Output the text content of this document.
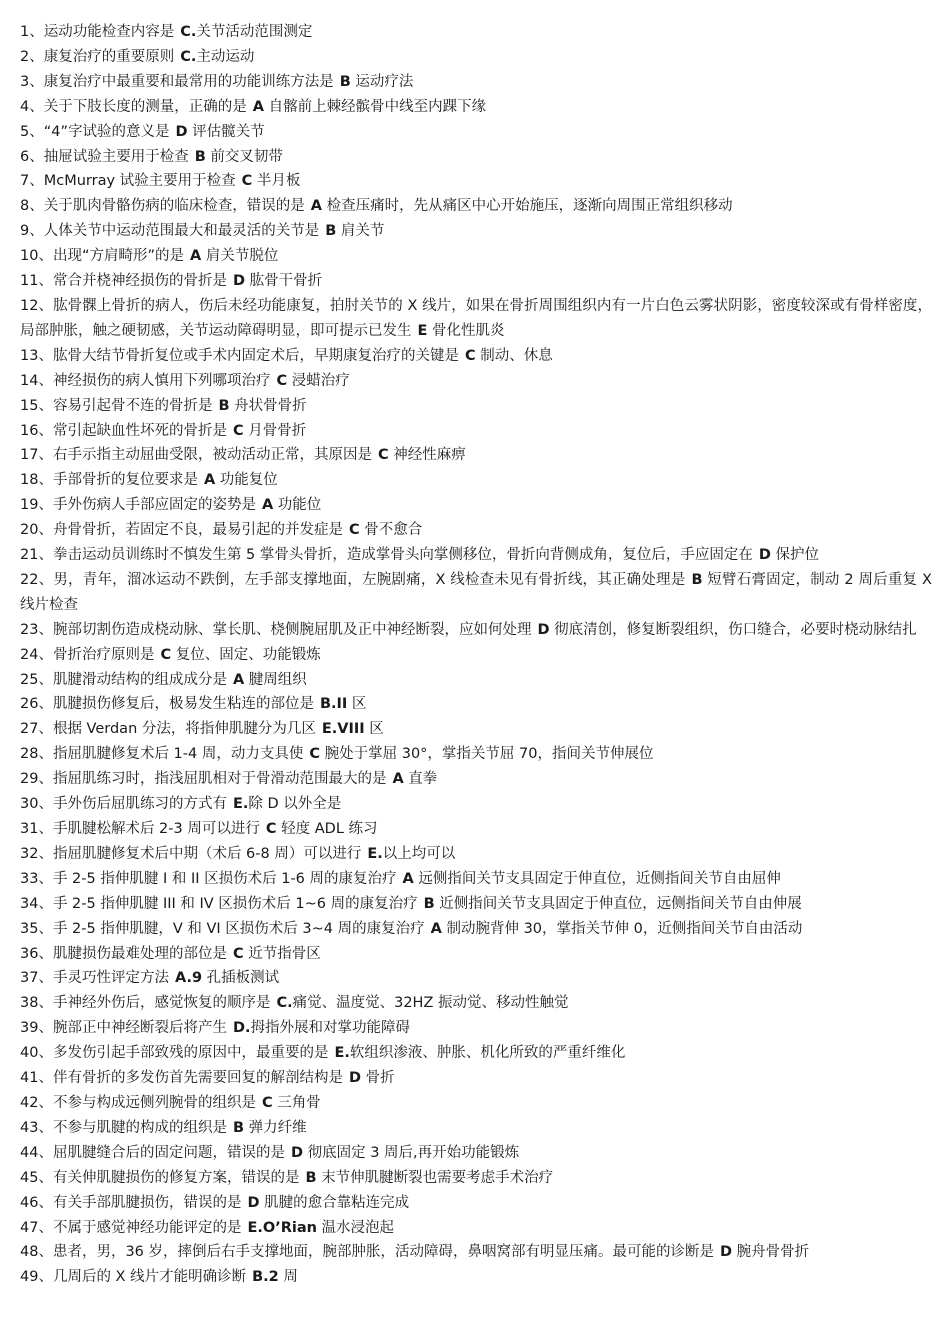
1、运动功能检查内容是 C.关节活动范围测定
2、康复治疗的重要原则 C.主动运动
3、康复治疗中最重要和最常用的功能训练方法是 B 运动疗法
4、关于下肢长度的测量，正确的是 A 自髂前上棘经髌骨中线至内踝下缘
5、“4”字试验的意义是 D 评估髋关节
6、抽屉试验主要用于检查 B 前交叉韧带
7、McMurray 试验主要用于检查 C 半月板
8、关于肌肉骨骼伤病的临床检查，错误的是 A 检查压痛时，先从痛区中心开始施压，逐渐向周围正常组织移动
9、人体关节中运动范围最大和最灵活的关节是 B 肩关节
10、出现“方肩畸形”的是 A 肩关节脱位
11、常合并桡神经损伤的骨折是 D 肱骨干骨折
12、肱骨髁上骨折的病人，伤后未经功能康复，拍肘关节的 X 线片，如果在骨折周围组织内有一片白色云雾状阴影，密度较深或有骨样密度，局部肿胀，触之硬韧感，关节运动障碍明显，即可提示已发生 E 骨化性肌炎
13、肱骨大结节骨折复位或手术内固定术后，早期康复治疗的关键是 C 制动、休息
14、神经损伤的病人慎用下列哪项治疗 C 浸蜡治疗
15、容易引起骨不连的骨折是 B 舟状骨骨折
16、常引起缺血性坏死的骨折是 C 月骨骨折
17、右手示指主动屈曲受限，被动活动正常，其原因是 C 神经性麻痹
18、手部骨折的复位要求是 A 功能复位
19、手外伤病人手部应固定的姿势是 A 功能位
20、舟骨骨折，若固定不良，最易引起的并发症是 C 骨不愈合
21、拳击运动员训练时不慎发生第 5 掌骨头骨折，造成掌骨头向掌侧移位，骨折向背侧成角，复位后，手应固定在 D 保护位
22、男，青年，溜冰运动不跌倒，左手部支撑地面，左腕剧痛，X 线检查未见有骨折线，其正确处理是 B 短臂石膏固定，制动 2 周后重复 X 线片检查
23、腕部切割伤造成桡动脉、掌长肌、桡侧腕屈肌及正中神经断裂，应如何处理 D 彻底清创，修复断裂组织，伤口缝合，必要时桡动脉结扎
24、骨折治疗原则是 C 复位、固定、功能锻炼
25、肌腱滑动结构的组成成分是 A 腱周组织
26、肌腱损伤修复后，极易发生粘连的部位是 B.II 区
27、根据 Verdan 分法，将指伸肌腱分为几区 E.VIII 区
28、指屈肌腱修复术后 1-4 周，动力支具使 C 腕处于掌屈 30°，掌指关节屈 70，指间关节伸展位
29、指屈肌练习时，指浅屈肌相对于骨滑动范围最大的是 A 直拳
30、手外伤后屈肌练习的方式有 E.除 D 以外全是
31、手肌腱松解术后 2-3 周可以进行 C 轻度 ADL 练习
32、指屈肌腱修复术后中期（术后 6-8 周）可以进行 E.以上均可以
33、手 2-5 指伸肌腱 I 和 II 区损伤术后 1-6 周的康复治疗 A 远侧指间关节支具固定于伸直位，近侧指间关节自由屈伸
34、手 2-5 指伸肌腱 III 和 IV 区损伤术后 1~6 周的康复治疗 B 近侧指间关节支具固定于伸直位，远侧指间关节自由伸展
35、手 2-5 指伸肌腱，V 和 VI 区损伤术后 3~4 周的康复治疗 A 制动腕背伸 30，掌指关节伸 0，近侧指间关节自由活动
36、肌腱损伤最难处理的部位是 C 近节指骨区
37、手灵巧性评定方法 A.9 孔插板测试
38、手神经外伤后，感觉恢复的顺序是 C.痛觉、温度觉、32HZ 振动觉、移动性触觉
39、腕部正中神经断裂后将产生 D.拇指外展和对掌功能障碍
40、多发伤引起手部致残的原因中，最重要的是 E.软组织渗液、肿胀、机化所致的严重纤维化
41、伴有骨折的多发伤首先需要回复的解剖结构是 D 骨折
42、不参与构成远侧列腕骨的组织是 C 三角骨
43、不参与肌腱的构成的组织是 B 弹力纤维
44、屈肌腱缝合后的固定问题，错误的是 D 彻底固定 3 周后,再开始功能锻炼
45、有关伸肌腱损伤的修复方案，错误的是 B 末节伸肌腱断裂也需要考虑手术治疗
46、有关手部肌腱损伤，错误的是 D 肌腱的愈合靠粘连完成
47、不属于感觉神经功能评定的是 E.O’Rian 温水浸泡起
48、患者，男，36 岁，摔倒后右手支撑地面，腕部肿胀，活动障碍，鼻咽窝部有明显压痛。最可能的诊断是 D 腕舟骨骨折
49、几周后的 X 线片才能明确诊断 B.2 周
